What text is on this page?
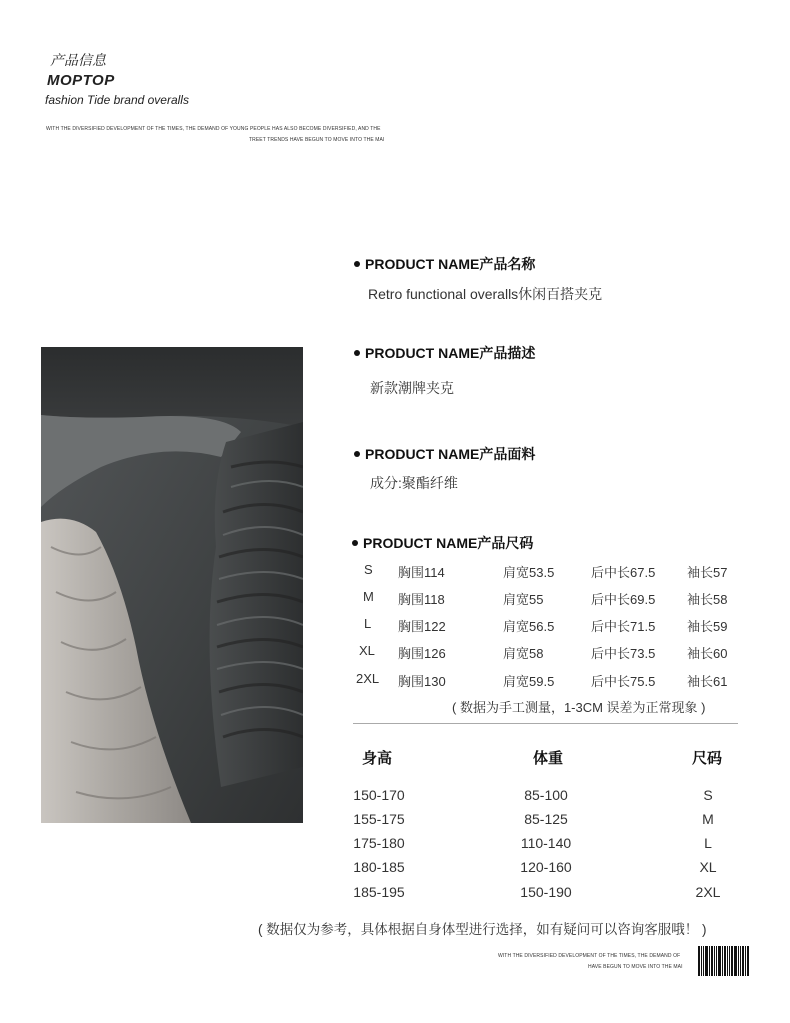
产品信息
MOPTOP
fashion Tide brand overalls
WITH THE DIVERSIFIED DEVELOPMENT OF THE TIMES, THE DEMAND OF YOUNG PEOPLE HAS ALSO BECOME DIVERSIFIED, AND THE
TREET TRENDS HAVE BEGUN TO MOVE INTO THE MAI
PRODUCT NAME产品名称
Retro functional overalls休闲百搭夹克
PRODUCT NAME产品描述
新款潮牌夹克
PRODUCT NAME产品面料
成分:聚酯纤维
PRODUCT NAME产品尺码
S 胸围114	肩宽53.5	后中长67.5 袖长57
M 胸围118	肩宽55	后中长69.5 袖长58
L 胸围122	肩宽56.5	后中长71.5 袖长59
XL 胸围126	肩宽58	后中长73.5 袖长60
2XL 胸围130	肩宽59.5	后中长75.5 袖长61
( 数据为手工测量，1-3CM 误差为正常现象 )
身高	体重	尺码
150-170	85-100	S
155-175	85-125	M
175-180	110-140	L
180-185	120-160	XL
185-195	150-190	2XL
( 数据仅为参考，具体根据自身体型进行选择，如有疑问可以咨询客服哦！ )
WITH THE DIVERSIFIED DEVELOPMENT OF THE TIMES, THE DEMAND OF
HAVE BEGUN TO MOVE INTO THE MAI
